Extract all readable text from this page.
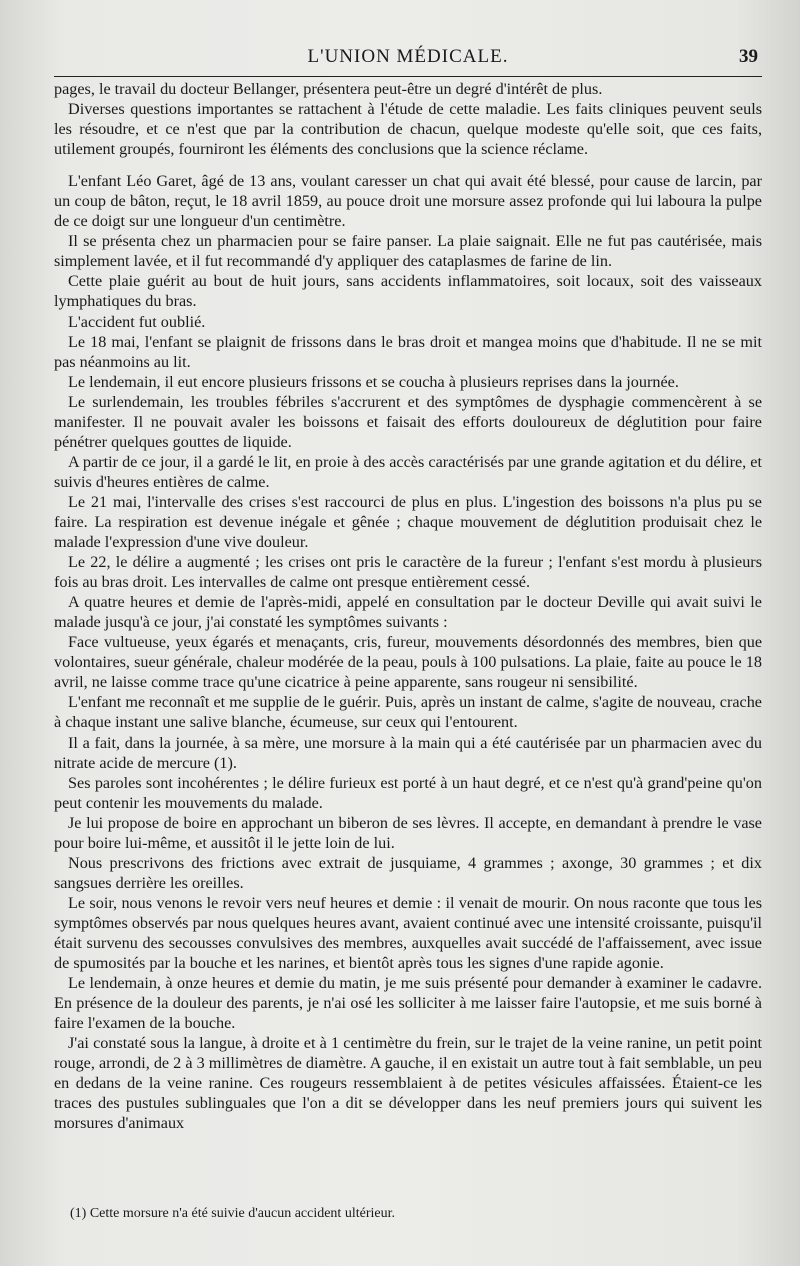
L'UNION MÉDICALE.	39

pages, le travail du docteur Bellanger, présentera peut-être un degré d'intérêt de plus.

Diverses questions importantes se rattachent à l'étude de cette maladie. Les faits cliniques peuvent seuls les résoudre, et ce n'est que par la contribution de chacun, quelque modeste qu'elle soit, que ces faits, utilement groupés, fourniront les éléments des conclusions que la science réclame.

L'enfant Léo Garet, âgé de 13 ans, voulant caresser un chat qui avait été blessé, pour cause de larcin, par un coup de bâton, reçut, le 18 avril 1859, au pouce droit une morsure assez profonde qui lui laboura la pulpe de ce doigt sur une longueur d'un centimètre.

Il se présenta chez un pharmacien pour se faire panser. La plaie saignait. Elle ne fut pas cautérisée, mais simplement lavée, et il fut recommandé d'y appliquer des cataplasmes de farine de lin.

Cette plaie guérit au bout de huit jours, sans accidents inflammatoires, soit locaux, soit des vaisseaux lymphatiques du bras.

L'accident fut oublié.

Le 18 mai, l'enfant se plaignit de frissons dans le bras droit et mangea moins que d'habitude. Il ne se mit pas néanmoins au lit.

Le lendemain, il eut encore plusieurs frissons et se coucha à plusieurs reprises dans la journée.

Le surlendemain, les troubles fébriles s'accrurent et des symptômes de dysphagie commencèrent à se manifester. Il ne pouvait avaler les boissons et faisait des efforts douloureux de déglutition pour faire pénétrer quelques gouttes de liquide.

A partir de ce jour, il a gardé le lit, en proie à des accès caractérisés par une grande agitation et du délire, et suivis d'heures entières de calme.

Le 21 mai, l'intervalle des crises s'est raccourci de plus en plus. L'ingestion des boissons n'a plus pu se faire. La respiration est devenue inégale et gênée ; chaque mouvement de déglutition produisait chez le malade l'expression d'une vive douleur.

Le 22, le délire a augmenté ; les crises ont pris le caractère de la fureur ; l'enfant s'est mordu à plusieurs fois au bras droit. Les intervalles de calme ont presque entièrement cessé.

A quatre heures et demie de l'après-midi, appelé en consultation par le docteur Deville qui avait suivi le malade jusqu'à ce jour, j'ai constaté les symptômes suivants :

Face vultueuse, yeux égarés et menaçants, cris, fureur, mouvements désordonnés des membres, bien que volontaires, sueur générale, chaleur modérée de la peau, pouls à 100 pulsations. La plaie, faite au pouce le 18 avril, ne laisse comme trace qu'une cicatrice à peine apparente, sans rougeur ni sensibilité.

L'enfant me reconnaît et me supplie de le guérir. Puis, après un instant de calme, s'agite de nouveau, crache à chaque instant une salive blanche, écumeuse, sur ceux qui l'entourent.

Il a fait, dans la journée, à sa mère, une morsure à la main qui a été cautérisée par un pharmacien avec du nitrate acide de mercure (1).

Ses paroles sont incohérentes ; le délire furieux est porté à un haut degré, et ce n'est qu'à grand'peine qu'on peut contenir les mouvements du malade.

Je lui propose de boire en approchant un biberon de ses lèvres. Il accepte, en demandant à prendre le vase pour boire lui-même, et aussitôt il le jette loin de lui.

Nous prescrivons des frictions avec extrait de jusquiame, 4 grammes ; axonge, 30 grammes ; et dix sangsues derrière les oreilles.

Le soir, nous venons le revoir vers neuf heures et demie : il venait de mourir. On nous raconte que tous les symptômes observés par nous quelques heures avant, avaient continué avec une intensité croissante, puisqu'il était survenu des secousses convulsives des membres, auxquelles avait succédé de l'affaissement, avec issue de spumosités par la bouche et les narines, et bientôt après tous les signes d'une rapide agonie.

Le lendemain, à onze heures et demie du matin, je me suis présenté pour demander à examiner le cadavre. En présence de la douleur des parents, je n'ai osé les solliciter à me laisser faire l'autopsie, et me suis borné à faire l'examen de la bouche.

J'ai constaté sous la langue, à droite et à 1 centimètre du frein, sur le trajet de la veine ranine, un petit point rouge, arrondi, de 2 à 3 millimètres de diamètre. A gauche, il en existait un autre tout à fait semblable, un peu en dedans de la veine ranine. Ces rougeurs ressemblaient à de petites vésicules affaissées. Étaient-ce les traces des pustules sublinguales que l'on a dit se développer dans les neuf premiers jours qui suivent les morsures d'animaux

(1) Cette morsure n'a été suivie d'aucun accident ultérieur.
